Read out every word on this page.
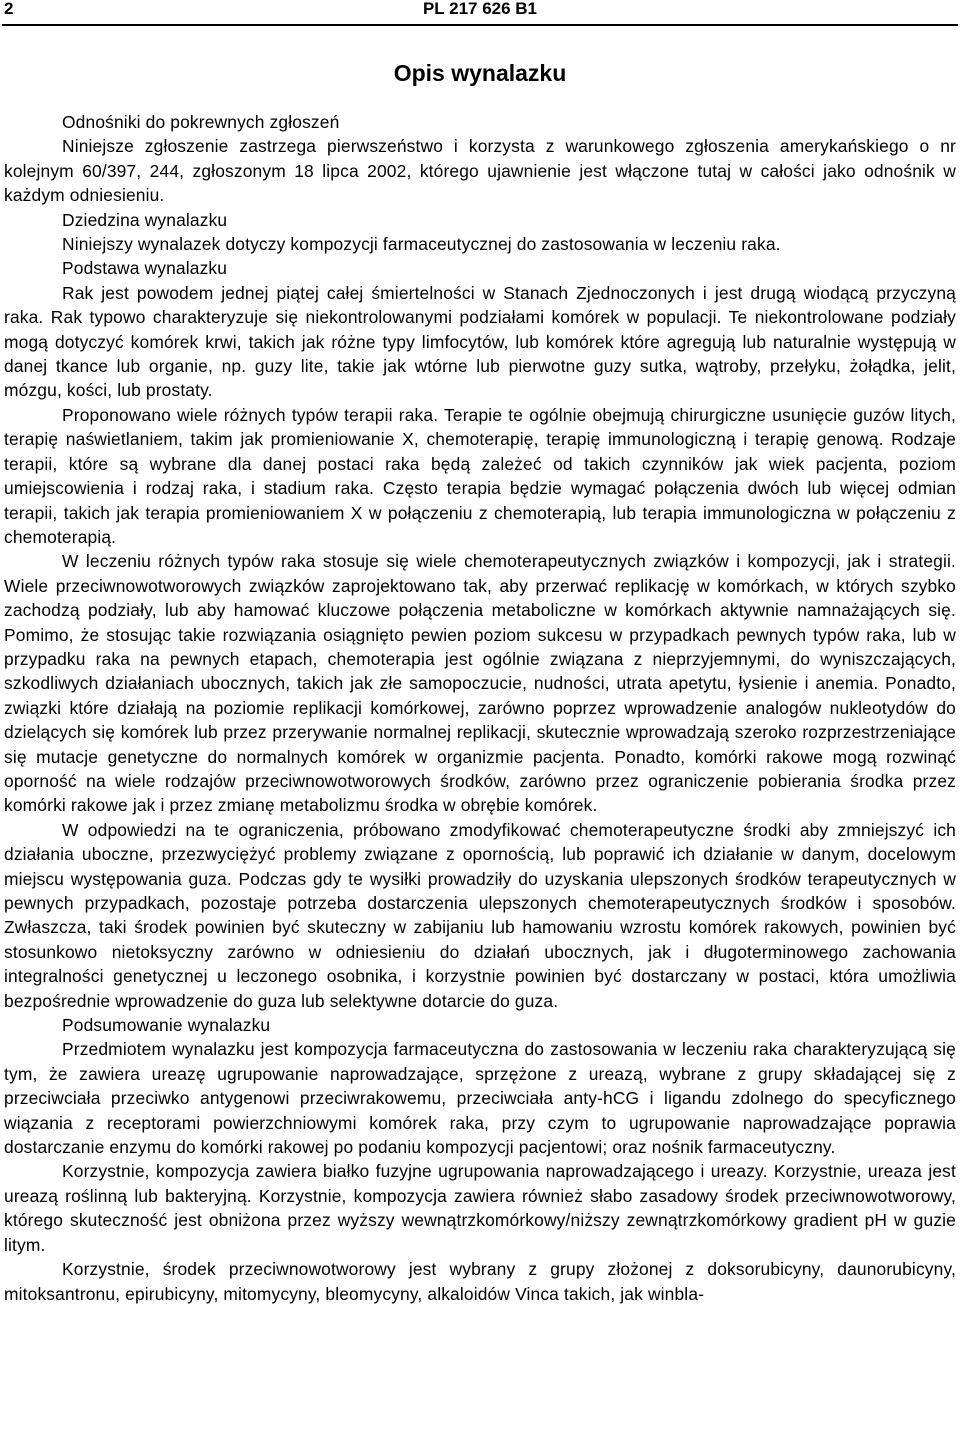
2	PL 217 626 B1
Opis wynalazku

Odnośniki do pokrewnych zgłoszeń

Niniejsze zgłoszenie zastrzega pierwszeństwo i korzysta z warunkowego zgłoszenia amerykańskiego o nr kolejnym 60/397, 244, zgłoszonym 18 lipca 2002, którego ujawnienie jest włączone tutaj w całości jako odnośnik w każdym odniesieniu.

Dziedzina wynalazku

Niniejszy wynalazek dotyczy kompozycji farmaceutycznej do zastosowania w leczeniu raka.

Podstawa wynalazku

Rak jest powodem jednej piątej całej śmiertelności w Stanach Zjednoczonych i jest drugą wiodącą przyczyną raka. Rak typowo charakteryzuje się niekontrolowanymi podziałami komórek w populacji. Te niekontrolowane podziały mogą dotyczyć komórek krwi, takich jak różne typy limfocytów, lub komórek które agregują lub naturalnie występują w danej tkance lub organie, np. guzy lite, takie jak wtórne lub pierwotne guzy sutka, wątroby, przełyku, żołądka, jelit, mózgu, kości, lub prostaty.

Proponowano wiele różnych typów terapii raka. Terapie te ogólnie obejmują chirurgiczne usunięcie guzów litych, terapię naświetlaniem, takim jak promieniowanie X, chemoterapię, terapię immunologiczną i terapię genową. Rodzaje terapii, które są wybrane dla danej postaci raka będą zależeć od takich czynników jak wiek pacjenta, poziom umiejscowienia i rodzaj raka, i stadium raka. Często terapia będzie wymagać połączenia dwóch lub więcej odmian terapii, takich jak terapia promieniowaniem X w połączeniu z chemoterapią, lub terapia immunologiczna w połączeniu z chemoterapią.

W leczeniu różnych typów raka stosuje się wiele chemoterapeutycznych związków i kompozycji, jak i strategii. Wiele przeciwnowotworowych związków zaprojektowano tak, aby przerwać replikację w komórkach, w których szybko zachodzą podziały, lub aby hamować kluczowe połączenia metaboliczne w komórkach aktywnie namnażających się. Pomimo, że stosując takie rozwiązania osiągnięto pewien poziom sukcesu w przypadkach pewnych typów raka, lub w przypadku raka na pewnych etapach, chemoterapia jest ogólnie związana z nieprzyjemnymi, do wyniszczających, szkodliwych działaniach ubocznych, takich jak złe samopoczucie, nudności, utrata apetytu, łysienie i anemia. Ponadto, związki które działają na poziomie replikacji komórkowej, zarówno poprzez wprowadzenie analogów nukleotydów do dzielących się komórek lub przez przerywanie normalnej replikacji, skutecznie wprowadzają szeroko rozprzestrzeniające się mutacje genetyczne do normalnych komórek w organizmie pacjenta. Ponadto, komórki rakowe mogą rozwinąć oporność na wiele rodzajów przeciwnowotworowych środków, zarówno przez ograniczenie pobierania środka przez komórki rakowe jak i przez zmianę metabolizmu środka w obrębie komórek.

W odpowiedzi na te ograniczenia, próbowano zmodyfikować chemoterapeutyczne środki aby zmniejszyć ich działania uboczne, przezwyciężyć problemy związane z opornością, lub poprawić ich działanie w danym, docelowym miejscu występowania guza. Podczas gdy te wysiłki prowadziły do uzyskania ulepszonych środków terapeutycznych w pewnych przypadkach, pozostaje potrzeba dostarczenia ulepszonych chemoterapeutycznych środków i sposobów. Zwłaszcza, taki środek powinien być skuteczny w zabijaniu lub hamowaniu wzrostu komórek rakowych, powinien być stosunkowo nietoksyczny zarówno w odniesieniu do działań ubocznych, jak i długoterminowego zachowania integralności genetycznej u leczonego osobnika, i korzystnie powinien być dostarczany w postaci, która umożliwia bezpośrednie wprowadzenie do guza lub selektywne dotarcie do guza.

Podsumowanie wynalazku

Przedmiotem wynalazku jest kompozycja farmaceutyczna do zastosowania w leczeniu raka charakteryzującą się tym, że zawiera ureazę ugrupowanie naprowadzające, sprzężone z ureazą, wybrane z grupy składającej się z przeciwciała przeciwko antygenowi przeciwrakowemu, przeciwciała anty-hCG i ligandu zdolnego do specyficznego wiązania z receptorami powierzchniowymi komórek raka, przy czym to ugrupowanie naprowadzające poprawia dostarczanie enzymu do komórki rakowej po podaniu kompozycji pacjentowi; oraz nośnik farmaceutyczny.

Korzystnie, kompozycja zawiera białko fuzyjne ugrupowania naprowadzającego i ureazy. Korzystnie, ureaza jest ureazą roślinną lub bakteryjną. Korzystnie, kompozycja zawiera również słabo zasadowy środek przeciwnowotworowy, którego skuteczność jest obniżona przez wyższy wewnątrzkomórkowy/niższy zewnątrzkomórkowy gradient pH w guzie litym.

Korzystnie, środek przeciwnowotworowy jest wybrany z grupy złożonej z doksorubicyny, daunorubicyny, mitoksantronu, epirubicyny, mitomycyny, bleomycyny, alkaloidów Vinca takich, jak winbla-
